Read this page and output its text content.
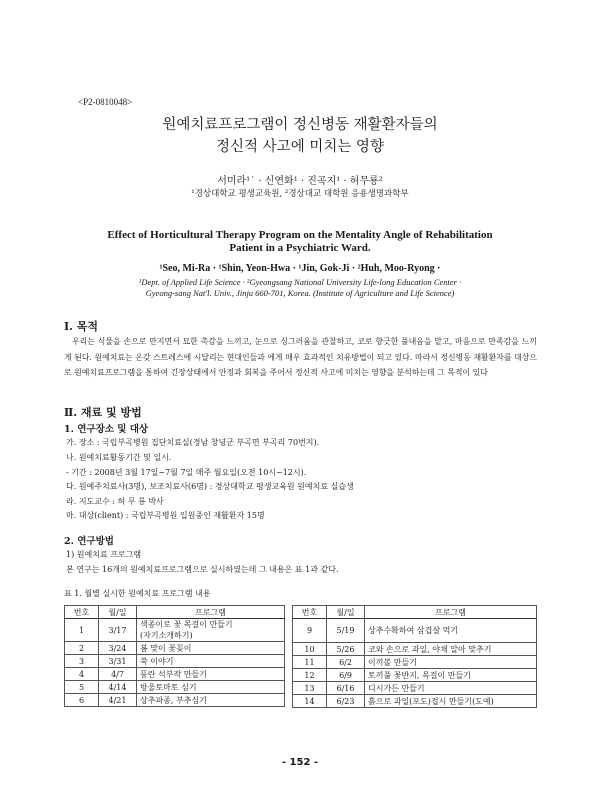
<P2-0810048>
원예치료프로그램이 정신병동 재활환자들의
정신적 사고에 미치는 영향
서미라¹˙ · 신연화¹ · 진곡지¹ · 허무룡²
¹경상대학교 평생교육원, ²경상대교 대학원 응용생명과학부
Effect of Horticultural Therapy Program on the Mentality Angle of Rehabilitation
Patient in a Psychiatric Ward.
¹Seo, Mi-Ra · ¹Shin, Yeon-Hwa · ¹Jin, Gok-Ji · ²Huh, Moo-Ryong ·
¹Dept. of Applied Life Science · ²Gyeongsang National University Life-long Education Center ·
Gyeong-sang Nat'l. Univ., Jinju 660-701, Korea. (Institute of Agriculture and Life Science)
Ⅰ. 목적
우리는 식물을 손으로 만지면서 묘한 촉감을 느끼고, 눈으로 싱그러움을 관찰하고, 코로 향긋한 풀내음을 맡고, 마음으로 만족감을 느끼게 된다. 원예치료는 온갖 스트레스에 시달리는 현대인들과 에게 매우 효과적인 치유방법이 되고 있다. 따라서 정신병동 재활환자를 대상으로 원예치료프로그램을 통하여 긴장상태에서 안정과 회복을 주어서 정신적 사고에 미치는 영향을 분석하는데 그 목적이 있다
Ⅱ. 재료 및 방법
1. 연구장소 및 대상
가. 장소 : 국립부곡병원 집단치료실(경남 창녕군 부곡면 부곡리 70번지).
나. 원예치료활동기간 및 일시.
- 기간 : 2008년 3월 17일~7월 7일 매주 월요일(오전 10시~12시).
다. 원예주치료사(3명), 보조치료사(6명) : 경상대학교 평생교육원 원예치료 실습생
라. 지도교수 : 허 무 룡 박사
마. 대상(client) : 국립부곡병원 입원중인 재활환자 15명
2. 연구방법
1) 원예치료 프로그램
본 연구는 16개의 원예치료프로그램으로 실시하였는데 그 내용은 표 1과 같다.
표 1. 월별 실시한 원예치료 프로그램 내용
번호	월/일	프로그램
1	3/17	색종이로 꽃 목걸이 만들기
(자기소개하기)
2	3/24	봄 맞이 꽃꽂이
3	3/31	쑥 이야기
4	4/7	풍란 석부작 만들기
5	4/14	방울토마토 심기
6	4/21	상추파종, 부추심기
번호	월/일	프로그램
9	5/19	상추수확하여 삼겹살 먹기
10	5/26	코와 손으로 과일, 야채 알아 맞추기
11	6/2	이끼볼 만들기
12	6/9	토끼풀 꽃반지, 목걸이 만들기
13	6/16	디시가든 만들기
14	6/23	흙으로 과일(포도)접시 만들기(도예)
- 152 -
